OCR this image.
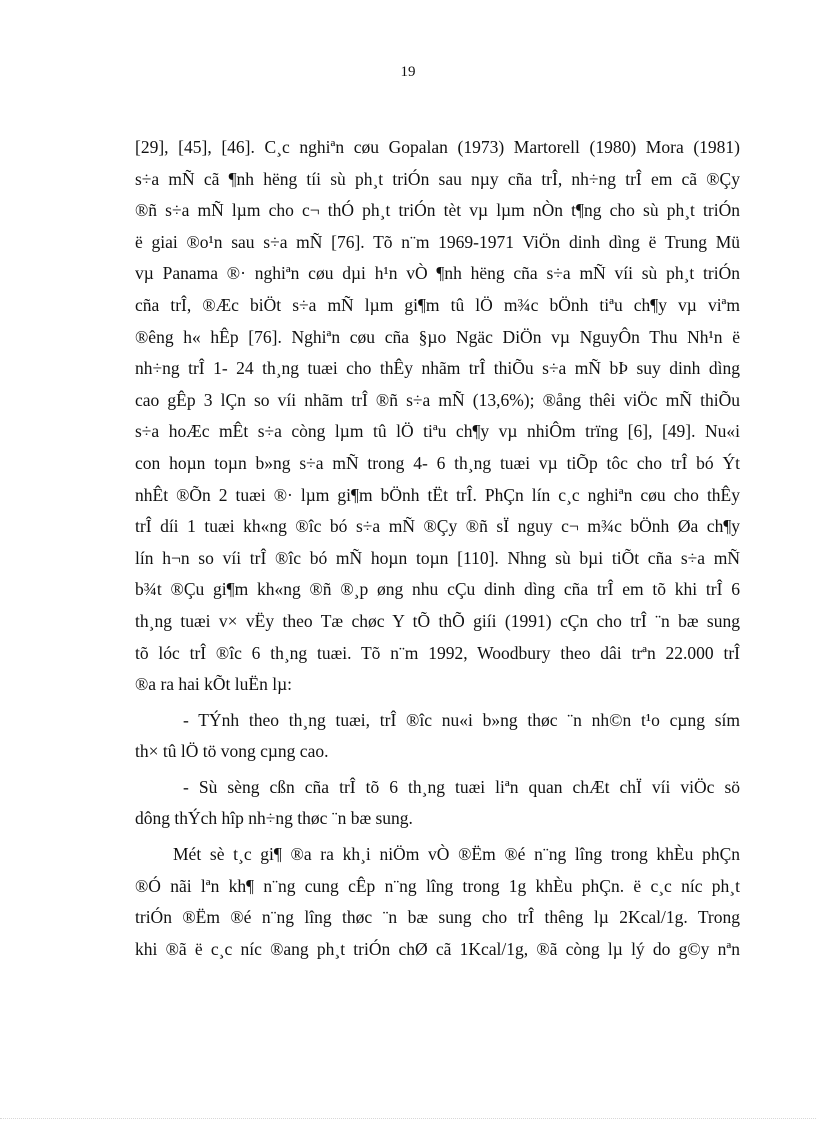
19
[29], [45], [46]. C¸c nghiªn cøu Gopalan (1973) Martorell (1980) Mora (1981)
s÷a mÑ cã ¶nh hëng tíi sù ph¸t triÓn sau nµy cña trÎ, nh÷ng trÎ em cã ®Çy
®ñ s÷a mÑ lµm cho c¬ thÓ ph¸t triÓn tèt vµ lµm nÒn t¶ng cho sù ph¸t triÓn
ë giai ®o¹n sau s÷a mÑ [76]. Tõ n¨m 1969-1971 ViÖn dinh dìng ë Trung Mü
vµ Panama ®· nghiªn cøu dµi h¹n vÒ ¶nh hëng cña s÷a mÑ víi sù ph¸t triÓn
cña trÎ, ®Æc biÖt s÷a mÑ lµm gi¶m tû lÖ m¾c bÖnh tiªu ch¶y vµ viªm
®êng h« hÊp [76]. Nghiªn cøu cña §µo Ngäc DiÖn vµ NguyÔn Thu Nh¹n ë
nh÷ng trÎ 1- 24 th¸ng tuæi cho thÊy nhãm trÎ thiÕu s÷a mÑ bÞ suy dinh dìng
cao gÊp 3 lÇn so víi nhãm trÎ ®ñ s÷a mÑ (13,6%); ®ång thêi viÖc mÑ thiÕu
s÷a hoÆc mÊt s÷a còng lµm tû lÖ tiªu ch¶y vµ nhiÔm trïng [6], [49]. Nu«i
con hoµn toµn b»ng s÷a mÑ trong 4- 6 th¸ng tuæi vµ tiÕp tôc cho trÎ bó Ýt
nhÊt ®Õn 2 tuæi ®· lµm gi¶m bÖnh tËt trÎ. PhÇn lín c¸c nghiªn cøu cho thÊy
trÎ díi 1 tuæi kh«ng ®îc bó s÷a mÑ ®Çy ®ñ sÏ nguy c¬ m¾c bÖnh Øa ch¶y
lín h¬n so víi trÎ ®îc bó mÑ hoµn toµn [110]. Nhng sù bµi tiÕt cña s÷a mÑ
b¾t ®Çu gi¶m kh«ng ®ñ ®¸p øng nhu cÇu dinh dìng cña trÎ em tõ khi trÎ 6
th¸ng tuæi v× vËy theo Tæ chøc Y tÕ thÕ giíi (1991) cÇn cho trÎ ¨n bæ sung
tõ lóc trÎ ®îc 6 th¸ng tuæi. Tõ n¨m 1992, Woodbury theo dâi trªn 22.000 trÎ
®a ra hai kÕt luËn lµ:
- TÝnh theo th¸ng tuæi, trÎ ®îc nu«i b»ng thøc ¨n nh©n t¹o cµng sím
th× tû lÖ tö vong cµng cao.
- Sù sèng cßn cña trÎ tõ 6 th¸ng tuæi liªn quan chÆt chÏ víi viÖc sö
dông thÝch hîp nh÷ng thøc ¨n bæ sung.
Mét sè t¸c gi¶ ®a ra kh¸i niÖm vÒ ®Ëm ®é n¨ng lîng trong khÈu phÇn
®Ó nãi lªn kh¶ n¨ng cung cÊp n¨ng lîng trong 1g khÈu phÇn. ë c¸c níc ph¸t
triÓn ®Ëm ®é n¨ng lîng thøc ¨n bæ sung cho trÎ thêng lµ 2Kcal/1g. Trong
khi ®ã ë c¸c níc ®ang ph¸t triÓn chØ cã 1Kcal/1g, ®ã còng lµ lý do g©y nªn
